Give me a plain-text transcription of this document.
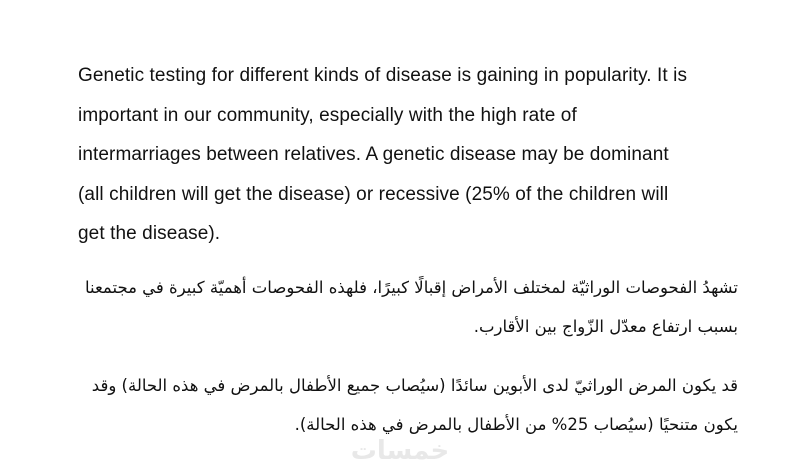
Genetic testing for different kinds of disease is gaining in popularity. It is
important in our community, especially with the high rate of
intermarriages between relatives. A genetic disease may be dominant
(all children will get the disease) or recessive (25% of the children will
get the disease).
تشهدُ الفحوصات الوراثيّة لمختلف الأمراض إقبالًا كبيرًا، فلهذه الفحوصات أهميّة كبيرة في مجتمعنا
بسبب ارتفاع معدّل الزّواج بين الأقارب.
قد يكون المرض الوراثيّ لدى الأبوين سائدًا (سيُصاب جميع الأطفال بالمرض في هذه الحالة) وقد
يكون متنحيًا (سيُصاب 25% من الأطفال بالمرض في هذه الحالة).
خمسات
